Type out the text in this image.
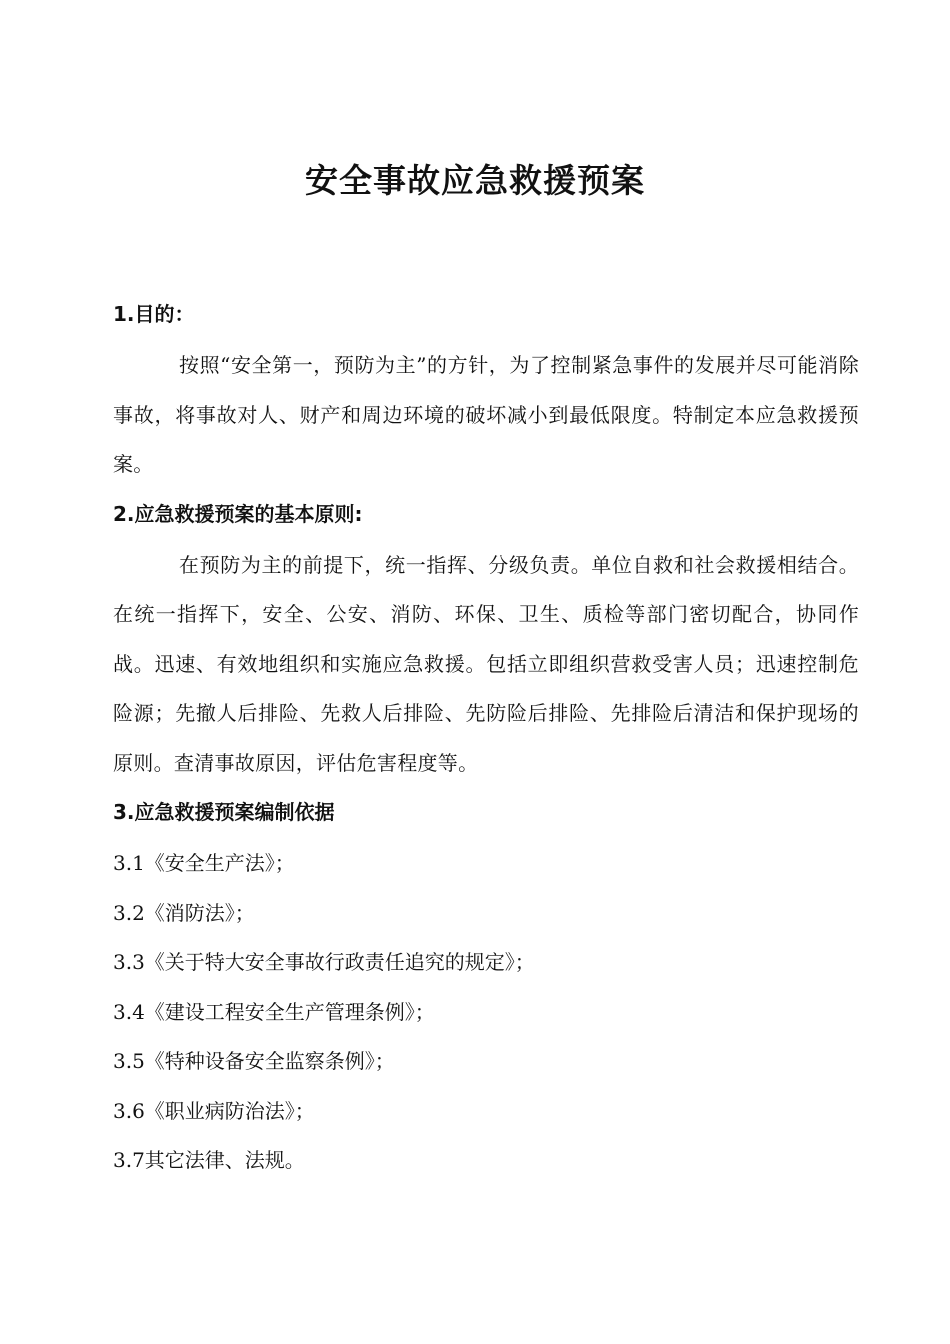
安全事故应急救援预案
1.目的：
按照“安全第一，预防为主”的方针，为了控制紧急事件的发展并尽可能消除事故，将事故对人、财产和周边环境的破坏减小到最低限度。特制定本应急救援预案。
2.应急救援预案的基本原则:
在预防为主的前提下，统一指挥、分级负责。单位自救和社会救援相结合。在统一指挥下，安全、公安、消防、环保、卫生、质检等部门密切配合，协同作战。迅速、有效地组织和实施应急救援。包括立即组织营救受害人员；迅速控制危险源；先撤人后排险、先救人后排险、先防险后排险、先排险后清洁和保护现场的原则。查清事故原因，评估危害程度等。
3.应急救援预案编制依据
3.1《安全生产法》；
3.2《消防法》；
3.3《关于特大安全事故行政责任追究的规定》；
3.4《建设工程安全生产管理条例》；
3.5《特种设备安全监察条例》；
3.6《职业病防治法》；
3.7其它法律、法规。
